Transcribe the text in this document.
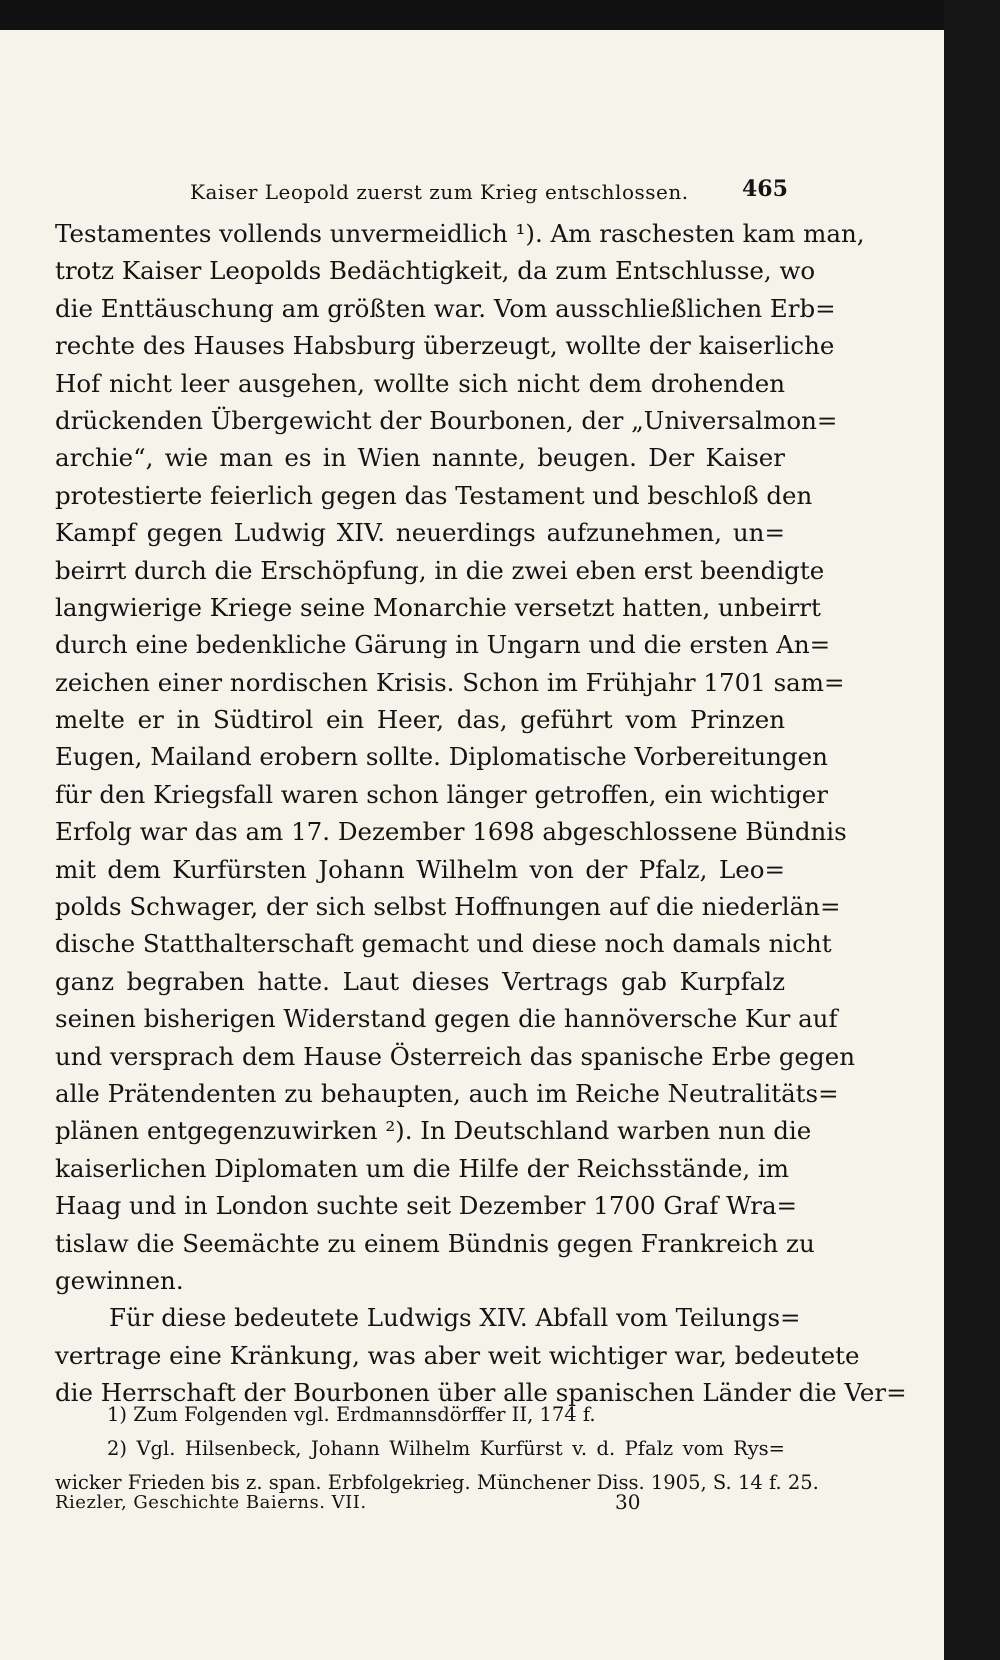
Kaiser Leopold zuerst zum Krieg entschlossen.	465
Testamentes vollends unvermeidlich ¹). Am raschesten kam man,
trotz Kaiser Leopolds Bedächtigkeit, da zum Entschlusse, wo
die Enttäuschung am größten war. Vom ausschließlichen Erb=
rechte des Hauses Habsburg überzeugt, wollte der kaiserliche
Hof nicht leer ausgehen, wollte sich nicht dem drohenden
drückenden Übergewicht der Bourbonen, der „Universalmon=
archie“, wie man es in Wien nannte, beugen. Der Kaiser
protestierte feierlich gegen das Testament und beschloß den
Kampf gegen Ludwig XIV. neuerdings aufzunehmen, un=
beirrt durch die Erschöpfung, in die zwei eben erst beendigte
langwierige Kriege seine Monarchie versetzt hatten, unbeirrt
durch eine bedenkliche Gärung in Ungarn und die ersten An=
zeichen einer nordischen Krisis. Schon im Frühjahr 1701 sam=
melte er in Südtirol ein Heer, das, geführt vom Prinzen
Eugen, Mailand erobern sollte. Diplomatische Vorbereitungen
für den Kriegsfall waren schon länger getroffen, ein wichtiger
Erfolg war das am 17. Dezember 1698 abgeschlossene Bündnis
mit dem Kurfürsten Johann Wilhelm von der Pfalz, Leo=
polds Schwager, der sich selbst Hoffnungen auf die niederlän=
dische Statthalterschaft gemacht und diese noch damals nicht
ganz begraben hatte. Laut dieses Vertrags gab Kurpfalz
seinen bisherigen Widerstand gegen die hannöversche Kur auf
und versprach dem Hause Österreich das spanische Erbe gegen
alle Prätendenten zu behaupten, auch im Reiche Neutralitäts=
plänen entgegenzuwirken ²). In Deutschland warben nun die
kaiserlichen Diplomaten um die Hilfe der Reichsstände, im
Haag und in London suchte seit Dezember 1700 Graf Wra=
tislaw die Seemächte zu einem Bündnis gegen Frankreich zu
gewinnen.
Für diese bedeutete Ludwigs XIV. Abfall vom Teilungs=
vertrage eine Kränkung, was aber weit wichtiger war, bedeutete
die Herrschaft der Bourbonen über alle spanischen Länder die Ver=
1) Zum Folgenden vgl. Erdmannsdörffer II, 174 f.
2) Vgl. Hilsenbeck, Johann Wilhelm Kurfürst v. d. Pfalz vom Rys=
wicker Frieden bis z. span. Erbfolgekrieg. Münchener Diss. 1905, S. 14 f. 25.
Riezler, Geschichte Baierns. VII.	30
